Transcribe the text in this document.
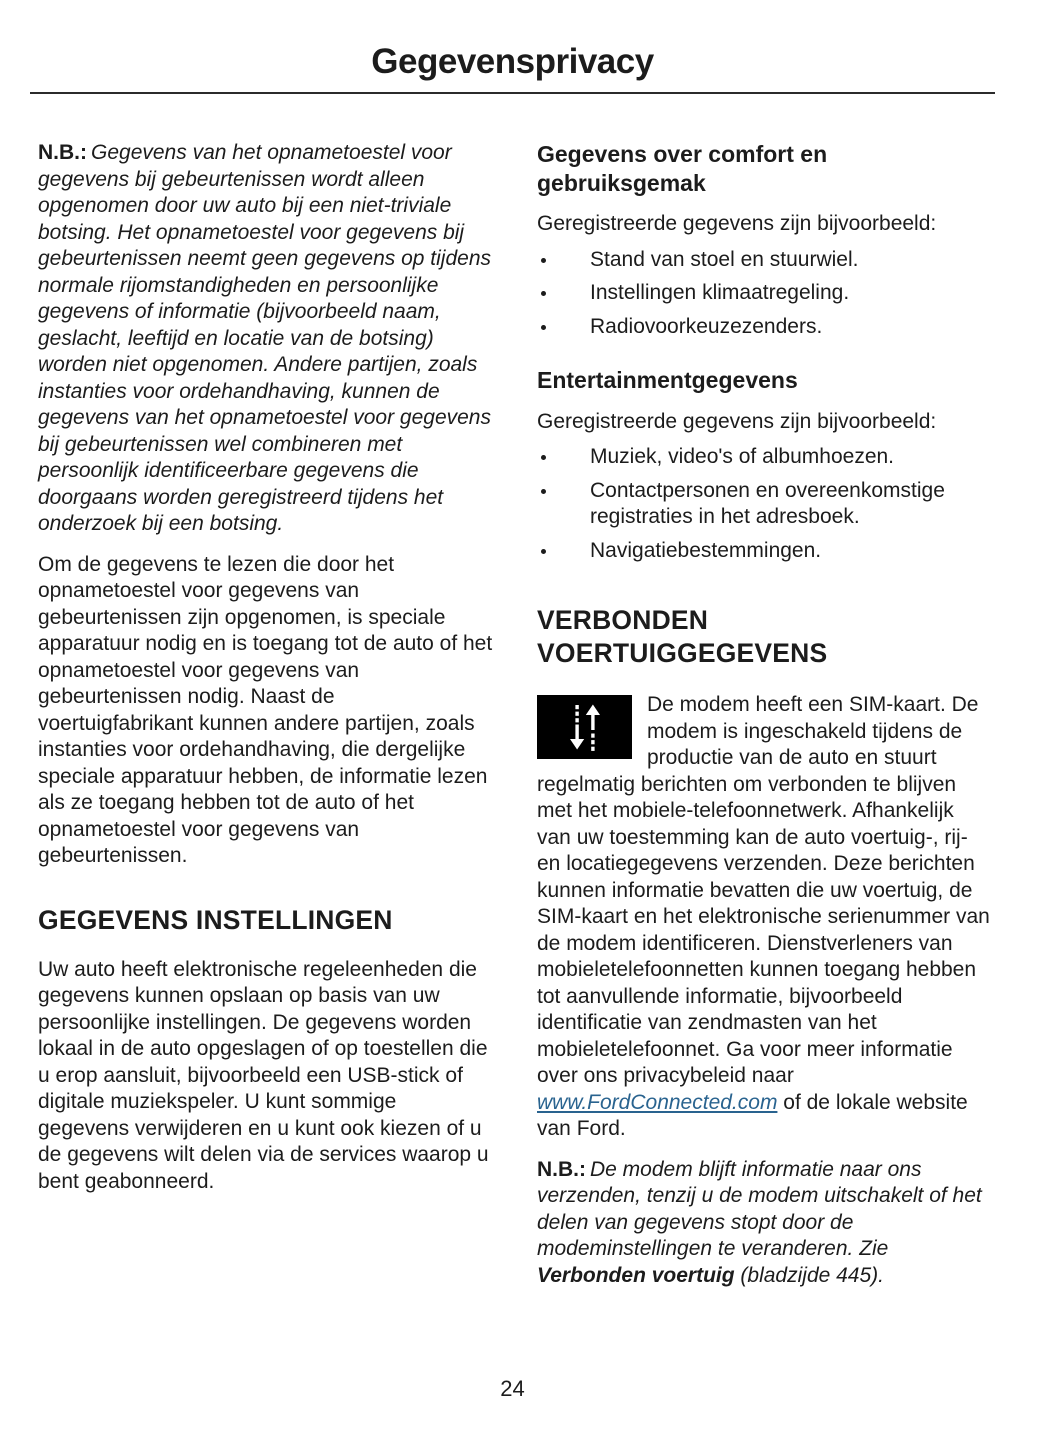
Gegevensprivacy

N.B.: Gegevens van het opnametoestel voor gegevens bij gebeurtenissen wordt alleen opgenomen door uw auto bij een niet-triviale botsing. Het opnametoestel voor gegevens bij gebeurtenissen neemt geen gegevens op tijdens normale rijomstandigheden en persoonlijke gegevens of informatie (bijvoorbeeld naam, geslacht, leeftijd en locatie van de botsing) worden niet opgenomen. Andere partijen, zoals instanties voor ordehandhaving, kunnen de gegevens van het opnametoestel voor gegevens bij gebeurtenissen wel combineren met persoonlijk identificeerbare gegevens die doorgaans worden geregistreerd tijdens het onderzoek bij een botsing.

Om de gegevens te lezen die door het opnametoestel voor gegevens van gebeurtenissen zijn opgenomen, is speciale apparatuur nodig en is toegang tot de auto of het opnametoestel voor gegevens van gebeurtenissen nodig. Naast de voertuigfabrikant kunnen andere partijen, zoals instanties voor ordehandhaving, die dergelijke speciale apparatuur hebben, de informatie lezen als ze toegang hebben tot de auto of het opnametoestel voor gegevens van gebeurtenissen.

GEGEVENS INSTELLINGEN

Uw auto heeft elektronische regeleenheden die gegevens kunnen opslaan op basis van uw persoonlijke instellingen. De gegevens worden lokaal in de auto opgeslagen of op toestellen die u erop aansluit, bijvoorbeeld een USB-stick of digitale muziekspeler. U kunt sommige gegevens verwijderen en u kunt ook kiezen of u de gegevens wilt delen via de services waarop u bent geabonneerd.

Gegevens over comfort en gebruiksgemak

Geregistreerde gegevens zijn bijvoorbeeld:

Stand van stoel en stuurwiel.
Instellingen klimaatregeling.
Radiovoorkeuzezenders.
Entertainmentgegevens

Geregistreerde gegevens zijn bijvoorbeeld:

Muziek, video's of albumhoezen.
Contactpersonen en overeenkomstige registraties in het adresboek.
Navigatiebestemmingen.
VERBONDEN VOERTUIGGEGEVENS

De modem heeft een SIM-kaart. De modem is ingeschakeld tijdens de productie van de auto en stuurt regelmatig berichten om verbonden te blijven met het mobiele-telefoonnetwerk. Afhankelijk van uw toestemming kan de auto voertuig-, rij- en locatiegegevens verzenden. Deze berichten kunnen informatie bevatten die uw voertuig, de SIM-kaart en het elektronische serienummer van de modem identificeren. Dienstverleners van mobieletelefoonnetten kunnen toegang hebben tot aanvullende informatie, bijvoorbeeld identificatie van zendmasten van het mobieletelefoonnet. Ga voor meer informatie over ons privacybeleid naar www.FordConnected.com of de lokale website van Ford.

N.B.: De modem blijft informatie naar ons verzenden, tenzij u de modem uitschakelt of het delen van gegevens stopt door de modeminstellingen te veranderen. Zie Verbonden voertuig (bladzijde 445).

24
